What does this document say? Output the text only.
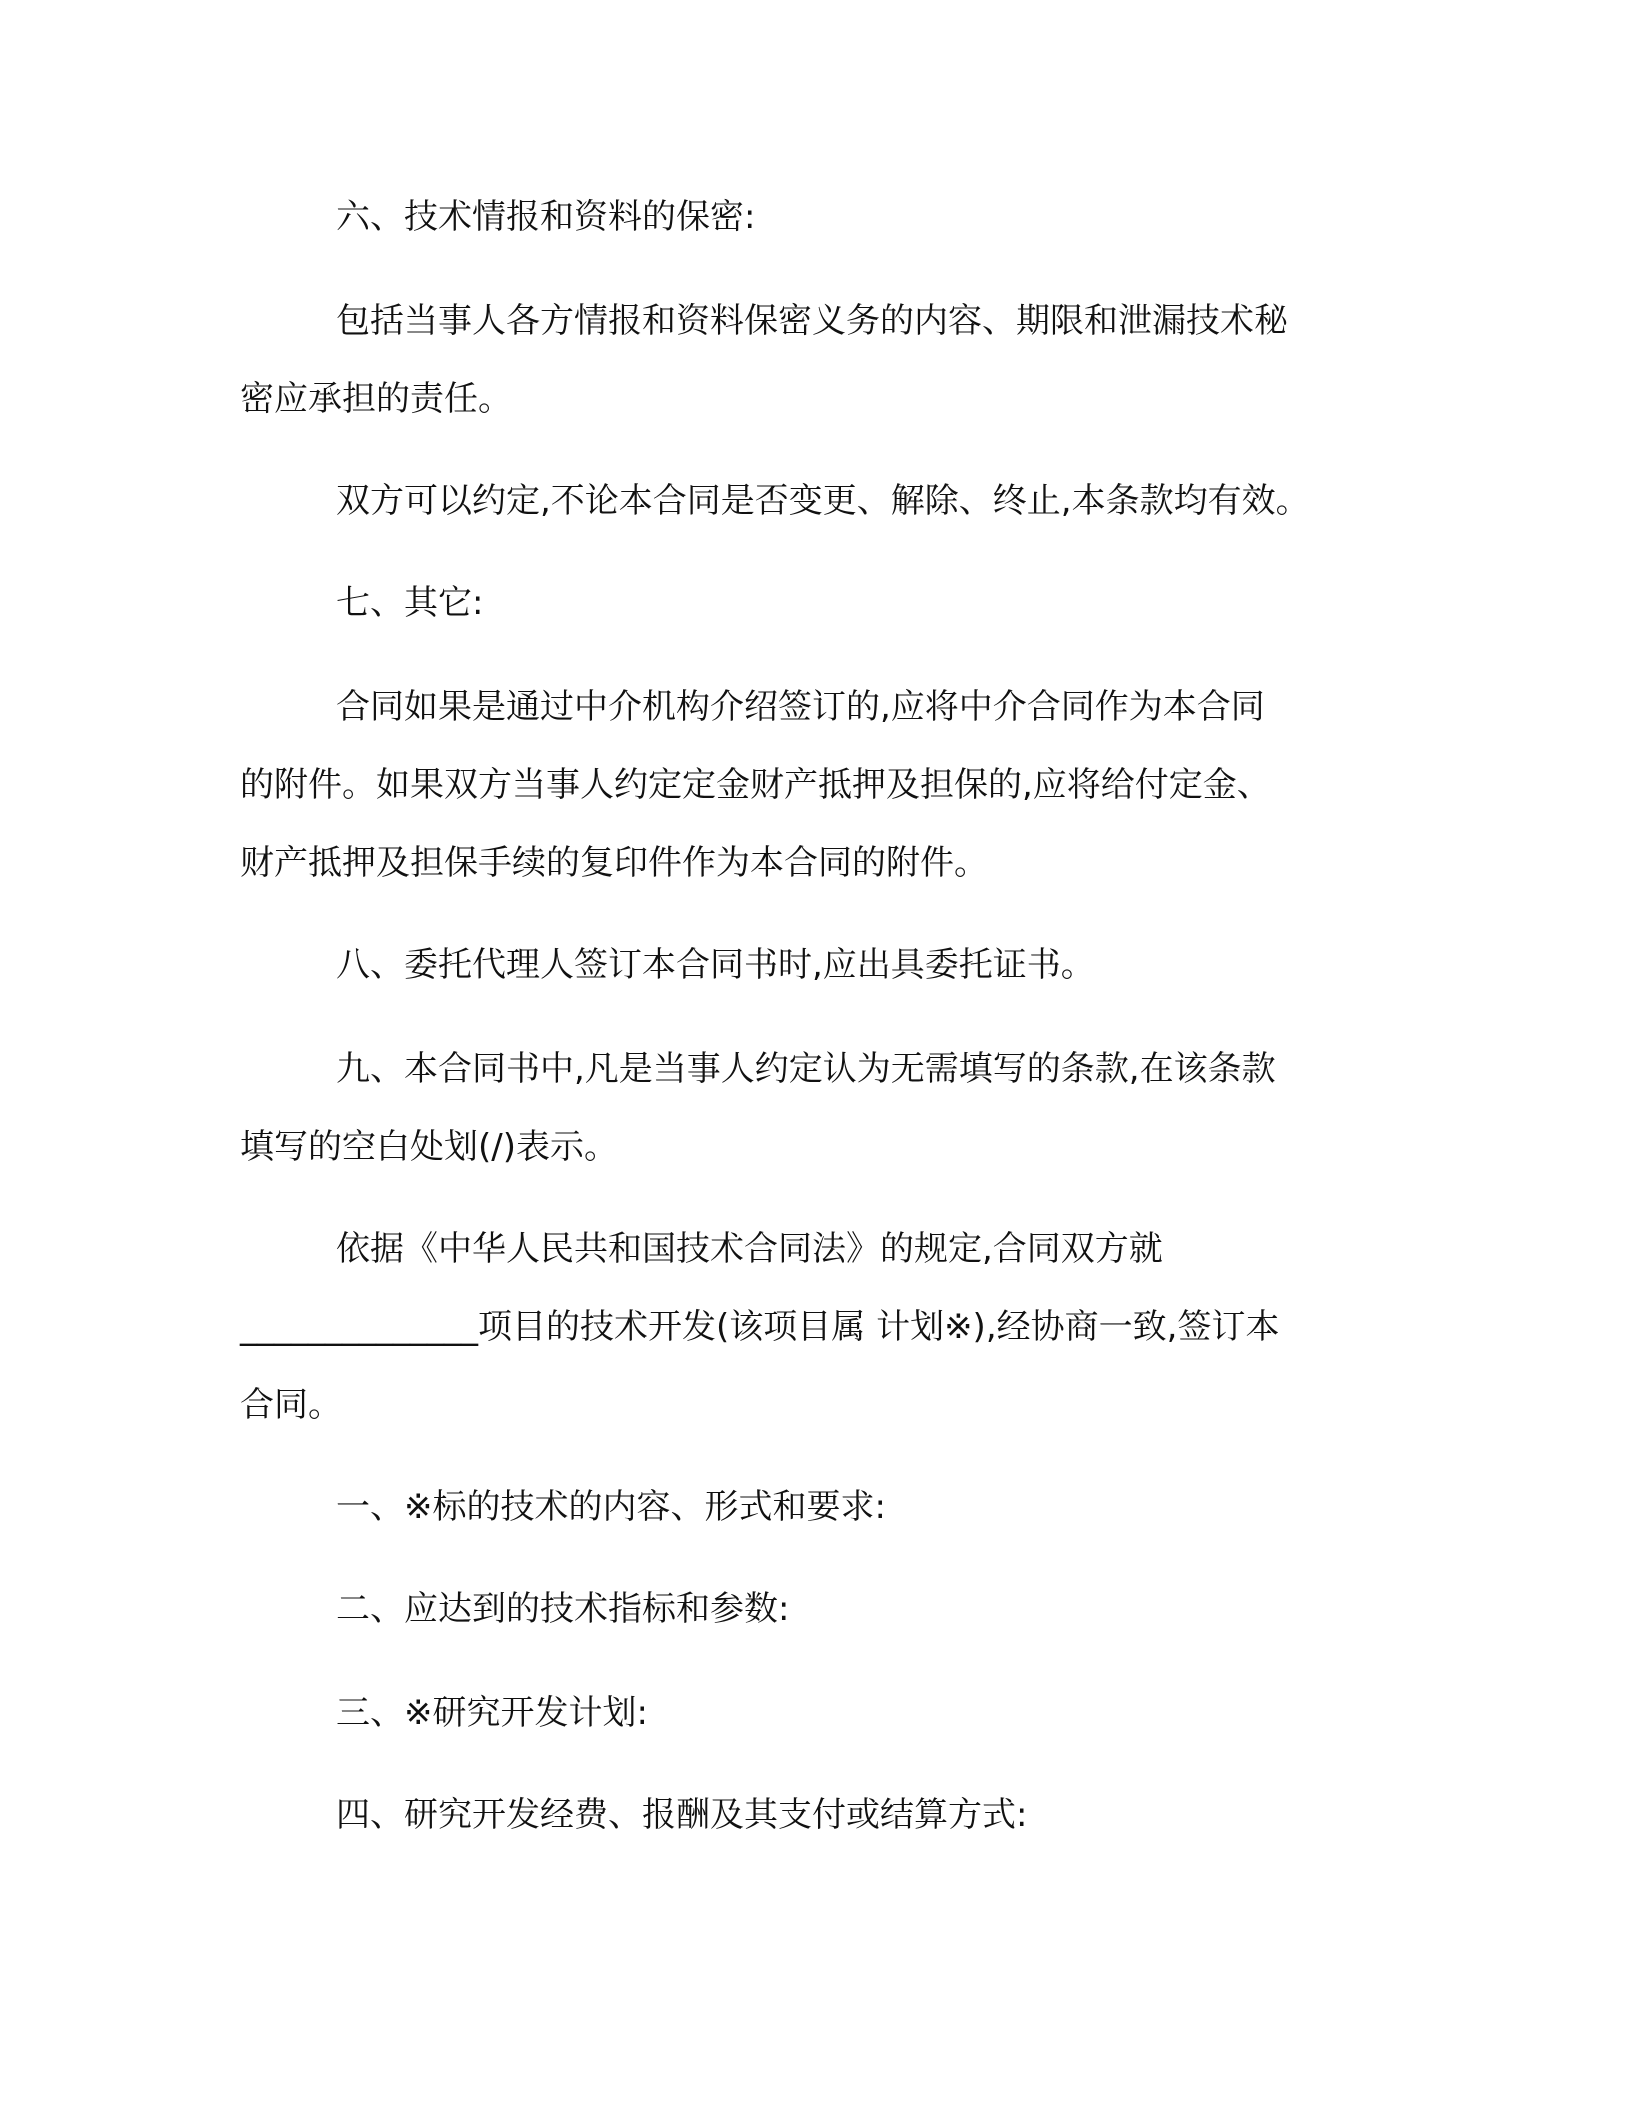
六、技术情报和资料的保密:

包括当事人各方情报和资料保密义务的内容、期限和泄漏技术秘
密应承担的责任。

双方可以约定,不论本合同是否变更、解除、终止,本条款均有效。

七、其它:

合同如果是通过中介机构介绍签订的,应将中介合同作为本合同
的附件。如果双方当事人约定定金财产抵押及担保的,应将给付定金、
财产抵押及担保手续的复印件作为本合同的附件。

八、委托代理人签订本合同书时,应出具委托证书。

九、本合同书中,凡是当事人约定认为无需填写的条款,在该条款
填写的空白处划(/)表示。

依据《中华人民共和国技术合同法》的规定,合同双方就
______________项目的技术开发(该项目属 计划※),经协商一致,签订本
合同。

一、※标的技术的内容、形式和要求:

二、应达到的技术指标和参数:

三、※研究开发计划:

四、研究开发经费、报酬及其支付或结算方式:
